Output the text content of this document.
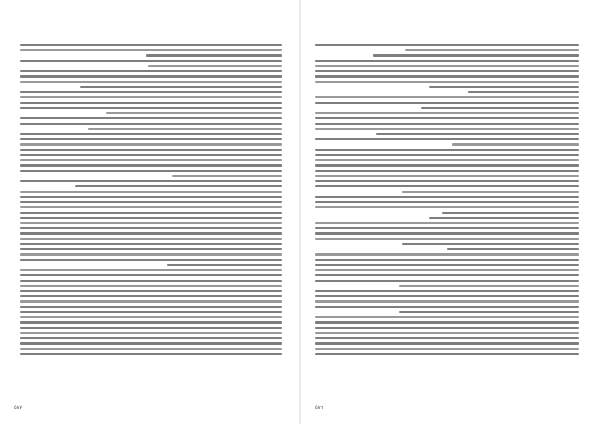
٥٨٧	٥٨٦
